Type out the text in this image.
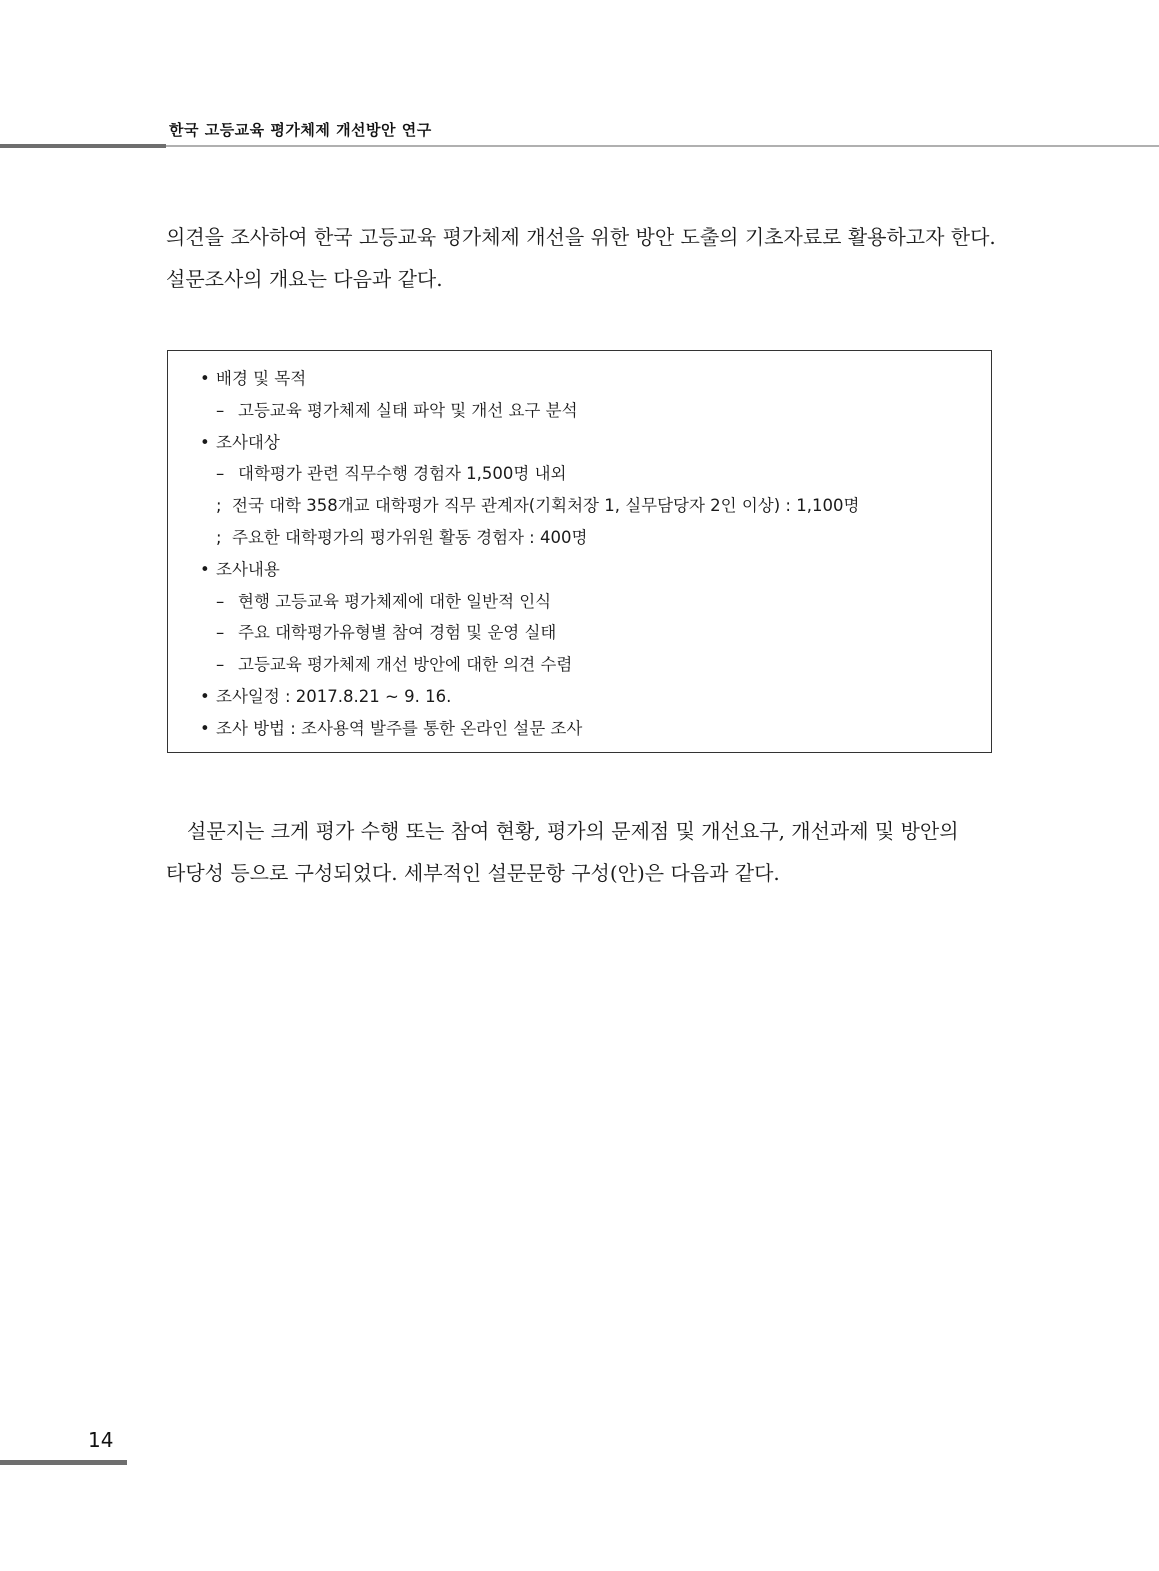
한국 고등교육 평가체제 개선방안 연구

의견을 조사하여 한국 고등교육 평가체제 개선을 위한 방안 도출의 기초자료로 활용하고자 한다.
설문조사의 개요는 다음과 같다.

• 배경 및 목적
– 고등교육 평가체제 실태 파악 및 개선 요구 분석
• 조사대상
– 대학평가 관련 직무수행 경험자 1,500명 내외
; 전국 대학 358개교 대학평가 직무 관계자(기획처장 1, 실무담당자 2인 이상) : 1,100명
; 주요한 대학평가의 평가위원 활동 경험자 : 400명
• 조사내용
– 현행 고등교육 평가체제에 대한 일반적 인식
– 주요 대학평가유형별 참여 경험 및 운영 실태
– 고등교육 평가체제 개선 방안에 대한 의견 수렴
• 조사일정 : 2017.8.21 ~ 9. 16.
• 조사 방법 : 조사용역 발주를 통한 온라인 설문 조사

설문지는 크게 평가 수행 또는 참여 현황, 평가의 문제점 및 개선요구, 개선과제 및 방안의
타당성 등으로 구성되었다. 세부적인 설문문항 구성(안)은 다음과 같다.

14
